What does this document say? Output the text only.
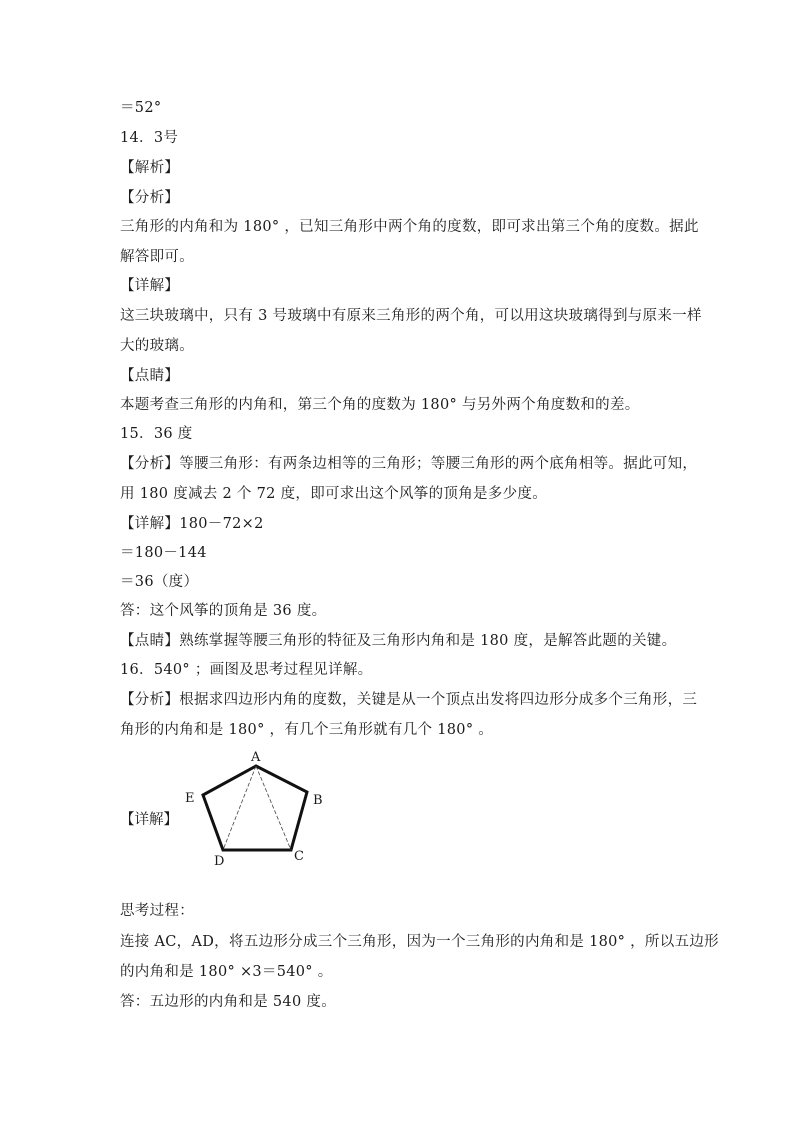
＝52°
14．3号
【解析】
【分析】
三角形的内角和为 180° ，已知三角形中两个角的度数，即可求出第三个角的度数。据此
解答即可。
【详解】
这三块玻璃中，只有 3 号玻璃中有原来三角形的两个角，可以用这块玻璃得到与原来一样
大的玻璃。
【点睛】
本题考查三角形的内角和，第三个角的度数为 180° 与另外两个角度数和的差。
15．36 度
【分析】等腰三角形：有两条边相等的三角形；等腰三角形的两个底角相等。据此可知，
用 180 度减去 2 个 72 度，即可求出这个风筝的顶角是多少度。
【详解】180－72×2
＝180－144
＝36（度）
答：这个风筝的顶角是 36 度。
【点睛】熟练掌握等腰三角形的特征及三角形内角和是 180 度，是解答此题的关键。
16．540° ；画图及思考过程见详解。
【分析】根据求四边形内角的度数，关键是从一个顶点出发将四边形分成多个三角形，三
角形的内角和是 180° ，有几个三角形就有几个 180° 。
【详解】
A
B
C
D
E
思考过程：
连接 AC，AD，将五边形分成三个三角形，因为一个三角形的内角和是 180° ，所以五边形
的内角和是 180° ×3＝540° 。
答：五边形的内角和是 540 度。
